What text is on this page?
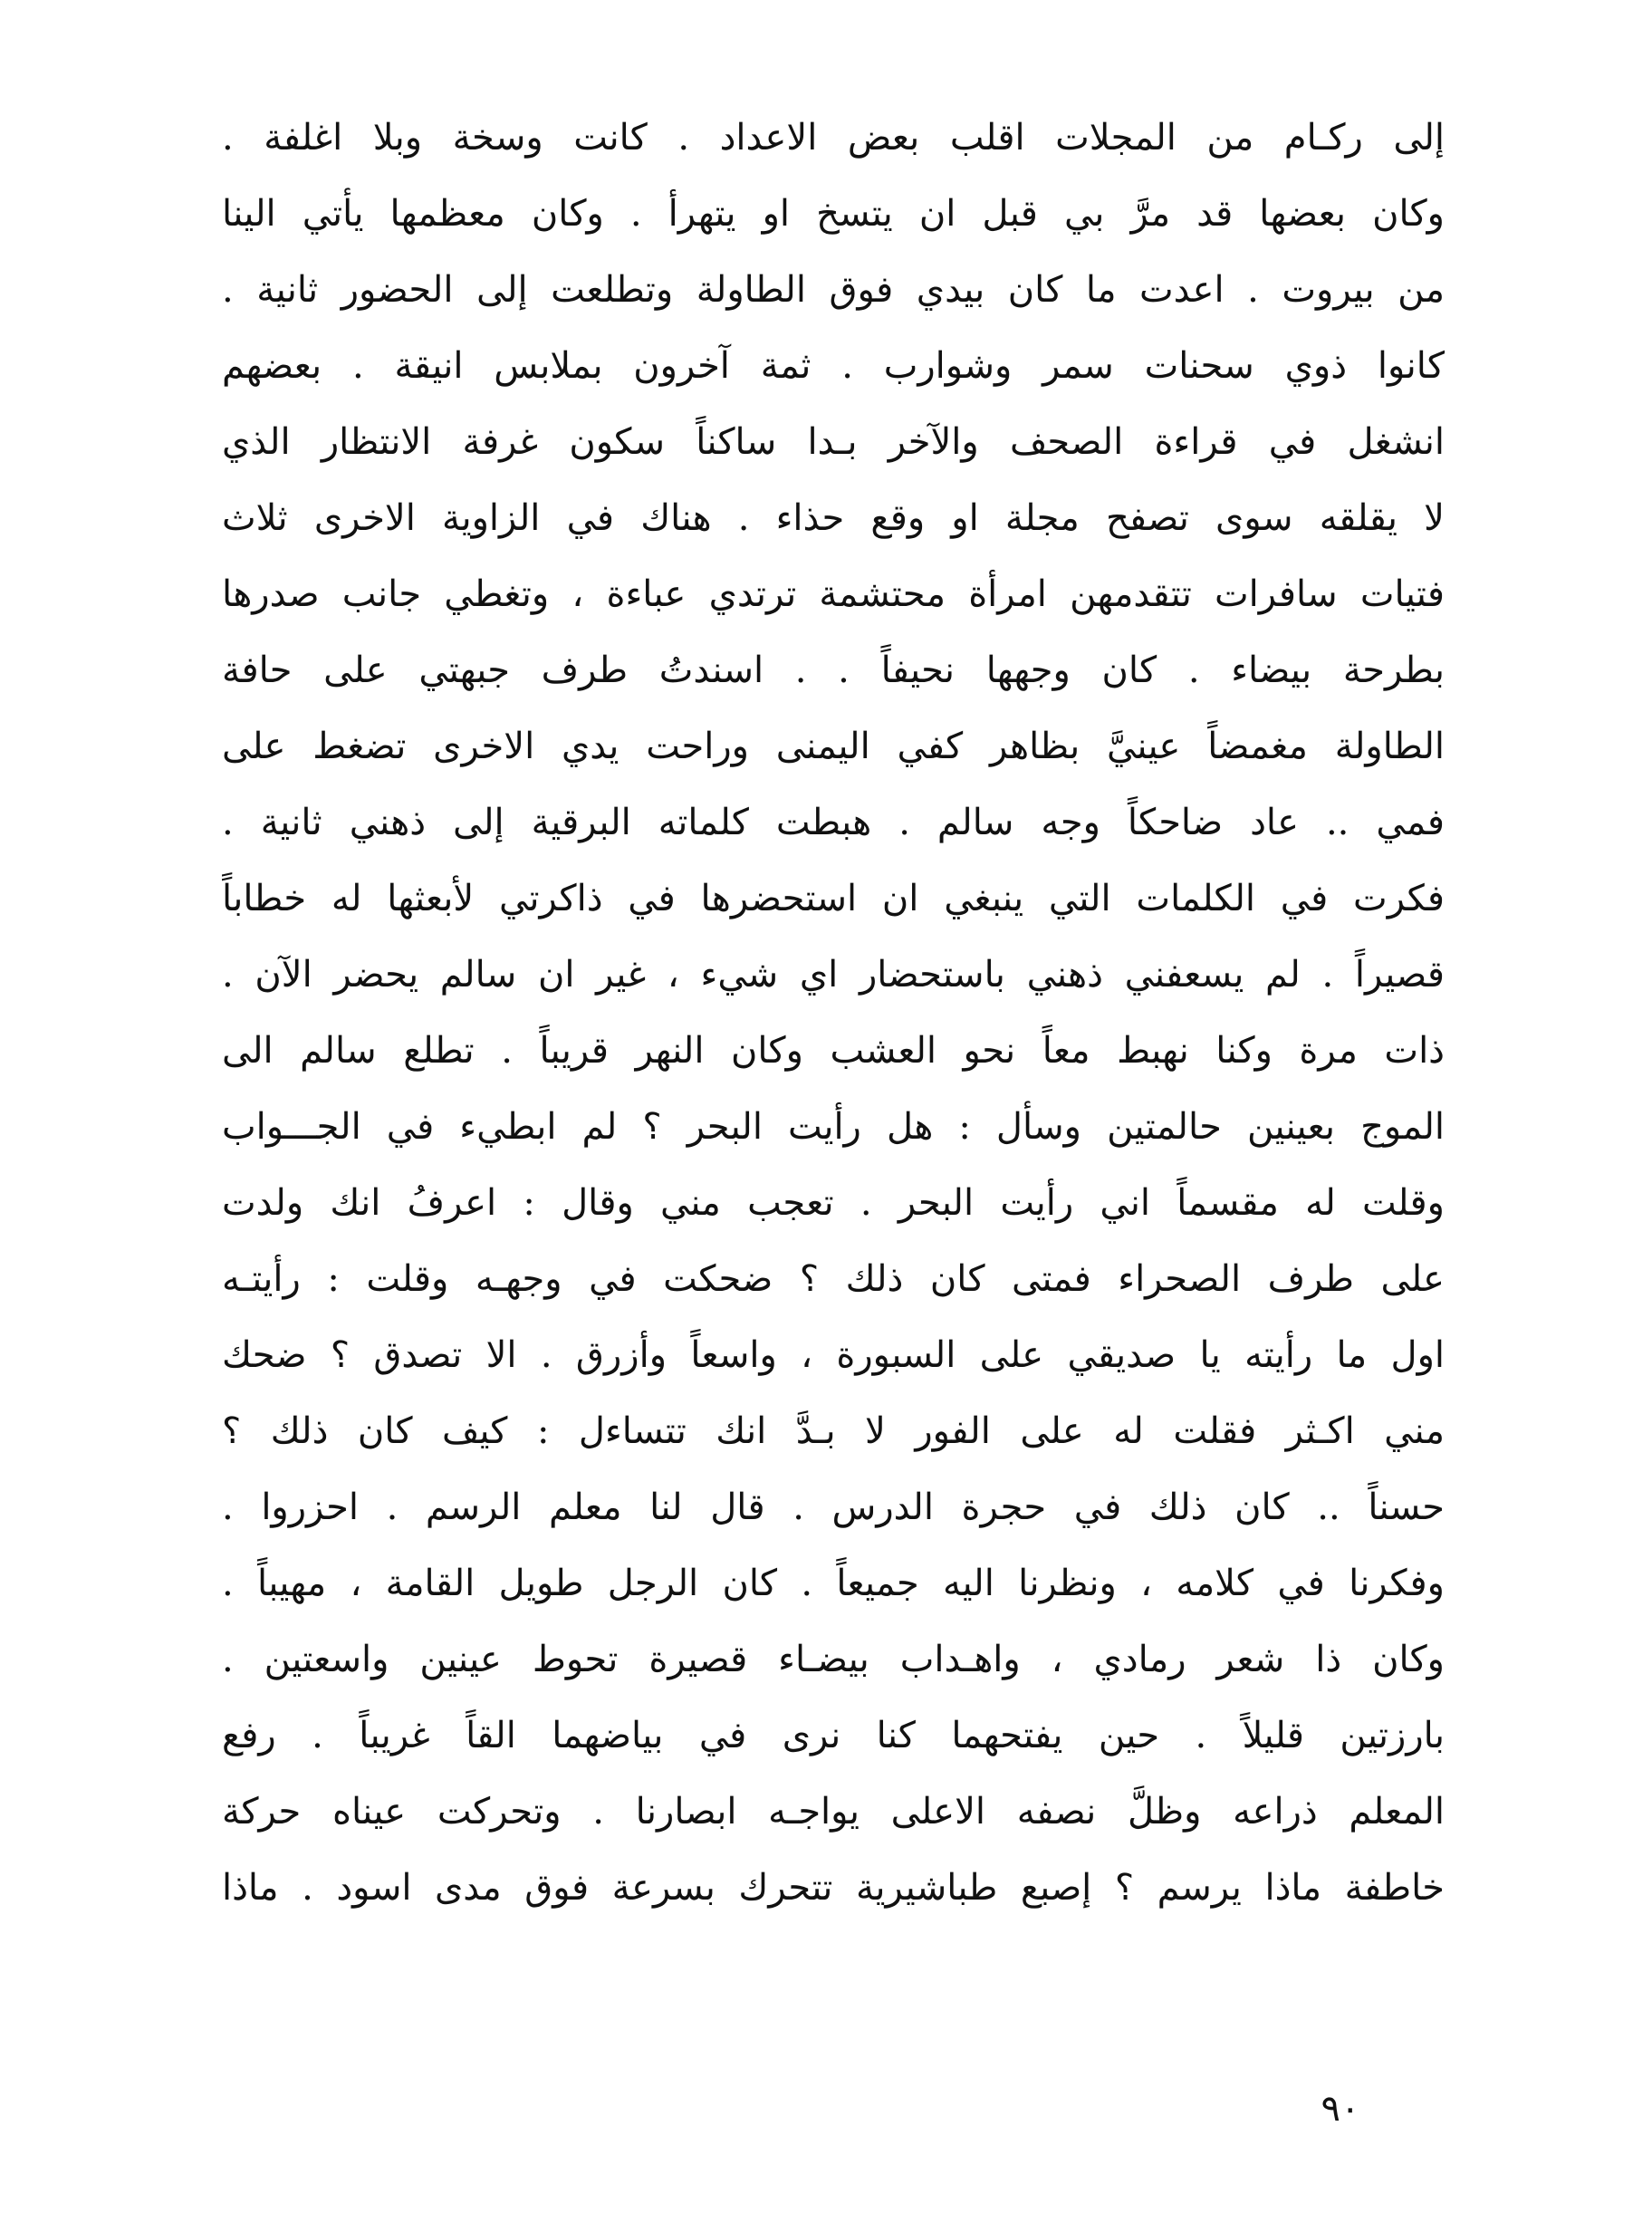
إلى ركـام من المجلات اقلب بعض الاعداد . كانت وسخة وبلا اغلفة .
وكان بعضها قد مرَّ بي قبل ان يتسخ او يتهرأ . وكان معظمها يأتي الينا
من بيروت . اعدت ما كان بيدي فوق الطاولة وتطلعت إلى الحضور ثانية .
كانوا ذوي سحنات سمر وشوارب . ثمة آخرون بملابس انيقة . بعضهم
انشغل في قراءة الصحف والآخر بـدا ساكناً سكون غرفة الانتظار الذي
لا يقلقه سوى تصفح مجلة او وقع حذاء . هناك في الزاوية الاخرى ثلاث
فتيات سافرات تتقدمهن امرأة محتشمة ترتدي عباءة ، وتغطي جانب صدرها
بطرحة بيضاء . كان وجهها نحيفاً . . اسندتُ طرف جبهتي على حافة
الطاولة مغمضاً عينيَّ بظاهر كفي اليمنى وراحت يدي الاخرى تضغط على
فمي .. عاد ضاحكاً وجه سالم . هبطت كلماته البرقية إلى ذهني ثانية .
فكرت في الكلمات التي ينبغي ان استحضرها في ذاكرتي لأبعثها له خطاباً
قصيراً . لم يسعفني ذهني باستحضار اي شيء ، غير ان سالم يحضر الآن .
ذات مرة وكنا نهبط معاً نحو العشب وكان النهر قريباً . تطلع سالم الى
الموج بعينين حالمتين وسأل : هل رأيت البحر ؟ لم ابطيء في الجـــواب
وقلت له مقسماً اني رأيت البحر . تعجب مني وقال : اعرفُ انك ولدت
على طرف الصحراء فمتى كان ذلك ؟ ضحكت في وجهـه وقلت : رأيتـه
اول ما رأيته يا صديقي على السبورة ، واسعاً وأزرق . الا تصدق ؟ ضحك
مني اكـثر فقلت له على الفور لا بـدَّ انك تتساءل : كيف كان ذلك ؟
حسناً .. كان ذلك في حجرة الدرس . قال لنا معلم الرسم . احزروا .
وفكرنا في كلامه ، ونظرنا اليه جميعاً . كان الرجل طويل القامة ، مهيباً .
وكان ذا شعر رمادي ، واهـداب بيضـاء قصيرة تحوط عينين واسعتين .
بارزتين قليلاً . حين يفتحهما كنا نرى في بياضهما القاً غريباً . رفع
المعلم ذراعه وظلَّ نصفه الاعلى يواجـه ابصارنا . وتحركت عيناه حركة
خاطفة ماذا يرسم ؟ إصبع طباشيرية تتحرك بسرعة فوق مدى اسود . ماذا
٩٠
